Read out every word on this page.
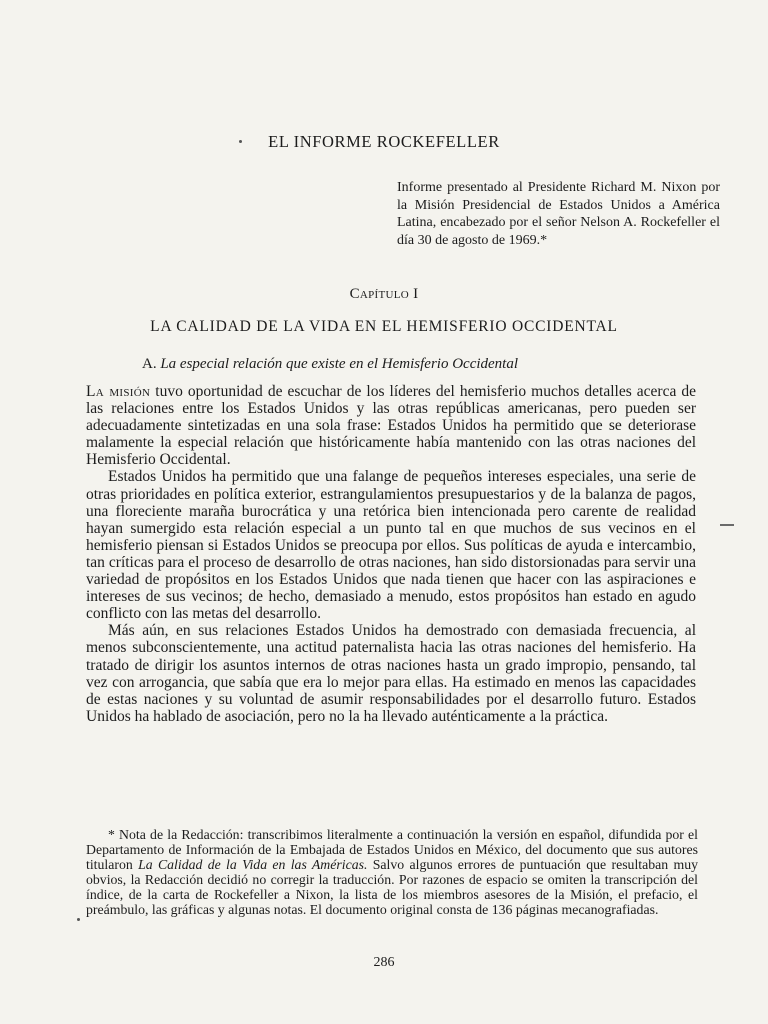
EL INFORME ROCKEFELLER
Informe presentado al Presidente Richard M. Nixon por la Misión Presidencial de Estados Unidos a América Latina, encabezado por el señor Nelson A. Rockefeller el día 30 de agosto de 1969.*
Capítulo I
LA CALIDAD DE LA VIDA EN EL HEMISFERIO OCCIDENTAL
A. La especial relación que existe en el Hemisferio Occidental

La misión tuvo oportunidad de escuchar de los líderes del hemisferio muchos detalles acerca de las relaciones entre los Estados Unidos y las otras repúblicas americanas, pero pueden ser adecuadamente sintetizadas en una sola frase: Estados Unidos ha permitido que se deteriorase malamente la especial relación que históricamente había mantenido con las otras naciones del Hemisferio Occidental.

Estados Unidos ha permitido que una falange de pequeños intereses especiales, una serie de otras prioridades en política exterior, estrangulamientos presupuestarios y de la balanza de pagos, una floreciente maraña burocrática y una retórica bien intencionada pero carente de realidad hayan sumergido esta relación especial a un punto tal en que muchos de sus vecinos en el hemisferio piensan si Estados Unidos se preocupa por ellos. Sus políticas de ayuda e intercambio, tan críticas para el proceso de desarrollo de otras naciones, han sido distorsionadas para servir una variedad de propósitos en los Estados Unidos que nada tienen que hacer con las aspiraciones e intereses de sus vecinos; de hecho, demasiado a menudo, estos propósitos han estado en agudo conflicto con las metas del desarrollo.

Más aún, en sus relaciones Estados Unidos ha demostrado con demasiada frecuencia, al menos subconscientemente, una actitud paternalista hacia las otras naciones del hemisferio. Ha tratado de dirigir los asuntos internos de otras naciones hasta un grado impropio, pensando, tal vez con arrogancia, que sabía que era lo mejor para ellas. Ha estimado en menos las capacidades de estas naciones y su voluntad de asumir responsabilidades por el desarrollo futuro. Estados Unidos ha hablado de asociación, pero no la ha llevado auténticamente a la práctica.

* Nota de la Redacción: transcribimos literalmente a continuación la versión en español, difundida por el Departamento de Información de la Embajada de Estados Unidos en México, del documento que sus autores titularon La Calidad de la Vida en las Américas. Salvo algunos errores de puntuación que resultaban muy obvios, la Redacción decidió no corregir la traducción. Por razones de espacio se omiten la transcripción del índice, de la carta de Rockefeller a Nixon, la lista de los miembros asesores de la Misión, el prefacio, el preámbulo, las gráficas y algunas notas. El documento original consta de 136 páginas mecanografiadas.

286
